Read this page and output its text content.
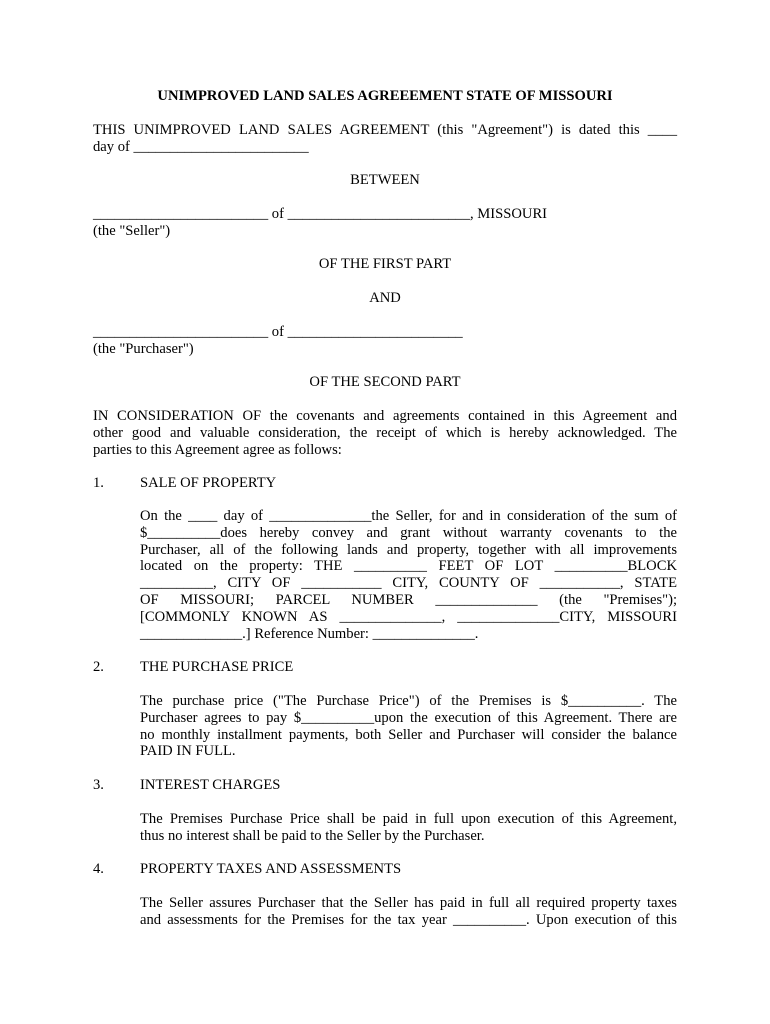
UNIMPROVED LAND SALES AGREEEMENT STATE OF MISSOURI

THIS UNIMPROVED LAND SALES AGREEMENT (this "Agreement") is dated this ____
day of ________________________

BETWEEN

________________________ of _________________________, MISSOURI

(the "Seller")

OF THE FIRST PART

AND

________________________ of ________________________

(the "Purchaser")

OF THE SECOND PART

IN CONSIDERATION OF the covenants and agreements contained in this Agreement and
other good and valuable consideration, the receipt of which is hereby acknowledged. The
parties to this Agreement agree as follows:

1. SALE OF PROPERTY

On the ____ day of ______________the Seller, for and in consideration of the sum of
$__________does hereby convey and grant without warranty covenants to the
Purchaser, all of the following lands and property, together with all improvements
located on the property: THE __________ FEET OF LOT __________BLOCK
__________, CITY OF ___________ CITY, COUNTY OF ___________, STATE
OF MISSOURI; PARCEL NUMBER ______________ (the "Premises");
[COMMONLY KNOWN AS ______________, ______________CITY, MISSOURI
______________.] Reference Number: ______________.

2. THE PURCHASE PRICE

The purchase price ("The Purchase Price") of the Premises is $__________. The
Purchaser agrees to pay $__________upon the execution of this Agreement. There are
no monthly installment payments, both Seller and Purchaser will consider the balance
PAID IN FULL.

3. INTEREST CHARGES

The Premises Purchase Price shall be paid in full upon execution of this Agreement,
thus no interest shall be paid to the Seller by the Purchaser.

4. PROPERTY TAXES AND ASSESSMENTS

The Seller assures Purchaser that the Seller has paid in full all required property taxes
and assessments for the Premises for the tax year __________. Upon execution of this
